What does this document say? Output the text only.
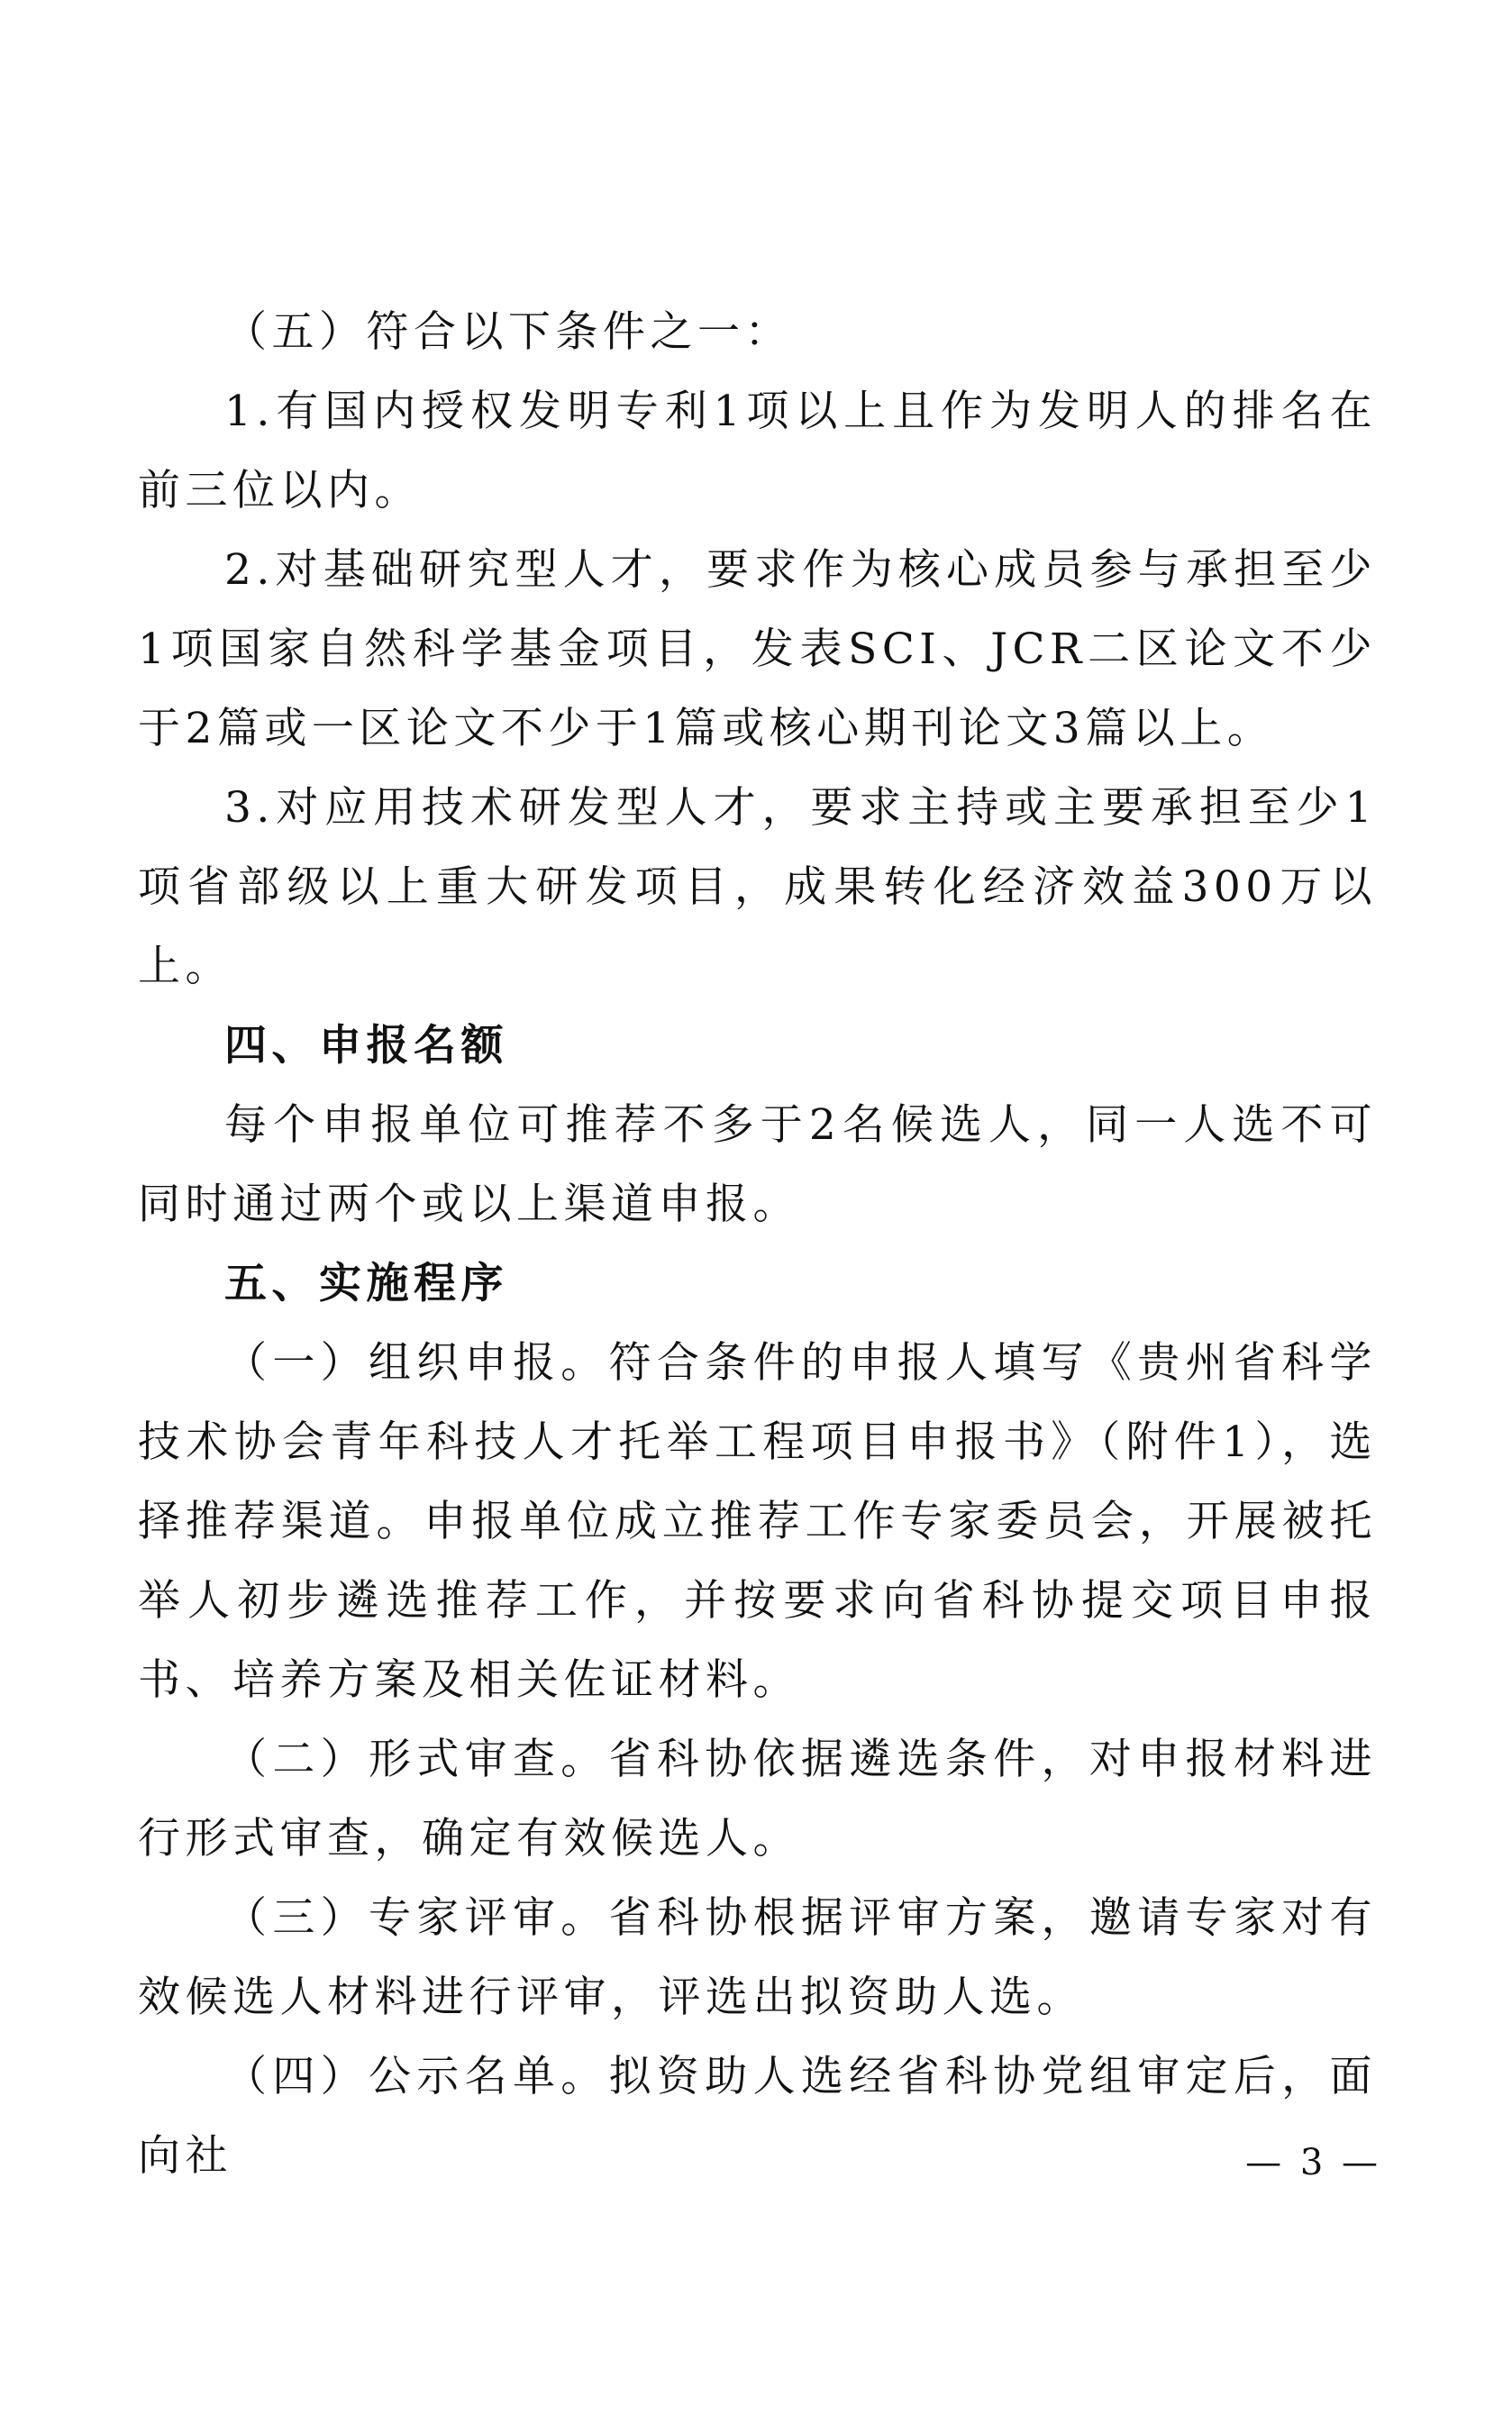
（五）符合以下条件之一：

1.有国内授权发明专利1项以上且作为发明人的排名在前三位以内。

2.对基础研究型人才，要求作为核心成员参与承担至少1项国家自然科学基金项目，发表SCI、JCR二区论文不少于2篇或一区论文不少于1篇或核心期刊论文3篇以上。

3.对应用技术研发型人才，要求主持或主要承担至少1项省部级以上重大研发项目，成果转化经济效益300万以上。

四、申报名额

每个申报单位可推荐不多于2名候选人，同一人选不可同时通过两个或以上渠道申报。

五、实施程序

（一）组织申报。符合条件的申报人填写《贵州省科学技术协会青年科技人才托举工程项目申报书》（附件1），选择推荐渠道。申报单位成立推荐工作专家委员会，开展被托举人初步遴选推荐工作，并按要求向省科协提交项目申报书、培养方案及相关佐证材料。

（二）形式审查。省科协依据遴选条件，对申报材料进行形式审查，确定有效候选人。

（三）专家评审。省科协根据评审方案，邀请专家对有效候选人材料进行评审，评选出拟资助人选。

（四）公示名单。拟资助人选经省科协党组审定后，面向社	— 3 —
